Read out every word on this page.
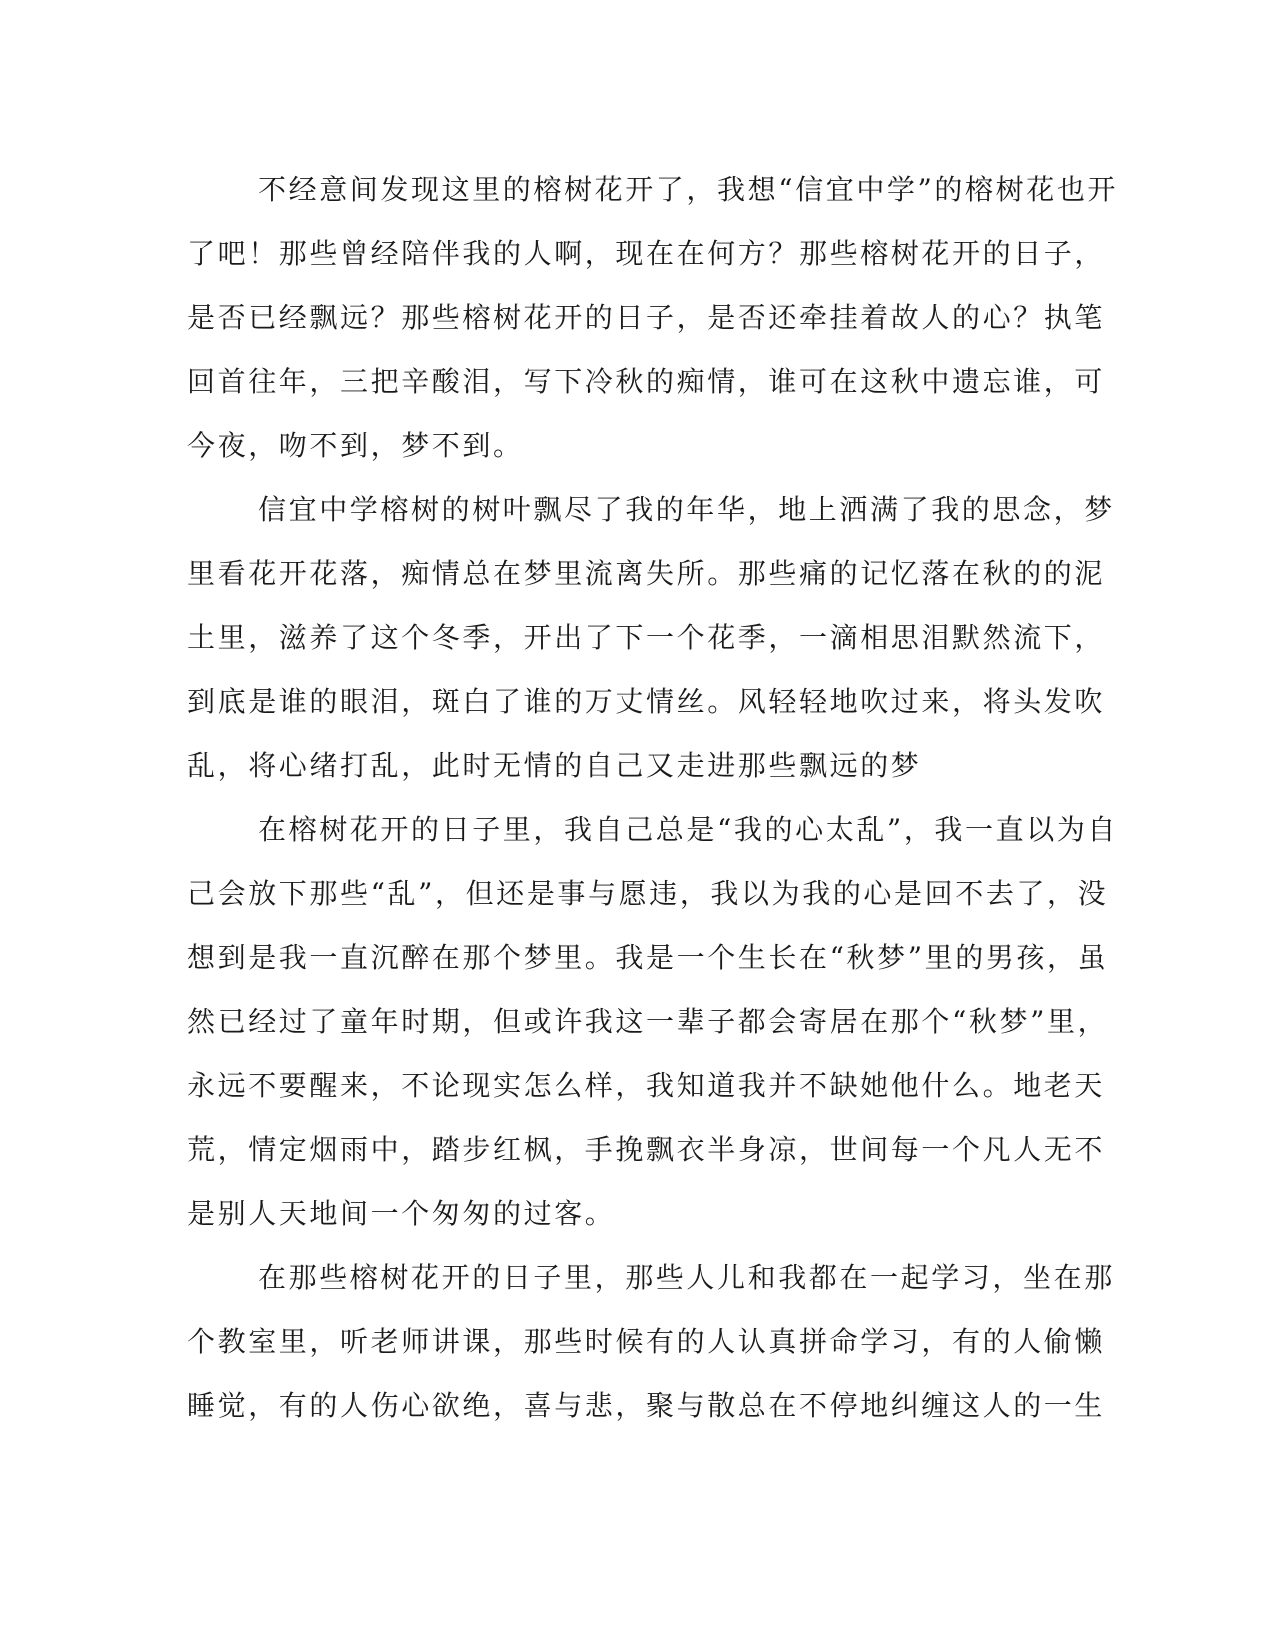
不经意间发现这里的榕树花开了，我想“信宜中学”的榕树花也开
了吧！那些曾经陪伴我的人啊，现在在何方？那些榕树花开的日子，
是否已经飘远？那些榕树花开的日子，是否还牵挂着故人的心？执笔
回首往年，三把辛酸泪，写下冷秋的痴情，谁可在这秋中遗忘谁，可
今夜，吻不到，梦不到。
信宜中学榕树的树叶飘尽了我的年华，地上洒满了我的思念，梦
里看花开花落，痴情总在梦里流离失所。那些痛的记忆落在秋的的泥
土里，滋养了这个冬季，开出了下一个花季，一滴相思泪默然流下，
到底是谁的眼泪，斑白了谁的万丈情丝。风轻轻地吹过来，将头发吹
乱，将心绪打乱，此时无情的自己又走进那些飘远的梦
在榕树花开的日子里，我自己总是“我的心太乱”，我一直以为自
己会放下那些“乱”，但还是事与愿违，我以为我的心是回不去了，没
想到是我一直沉醉在那个梦里。我是一个生长在“秋梦”里的男孩，虽
然已经过了童年时期，但或许我这一辈子都会寄居在那个“秋梦”里，
永远不要醒来，不论现实怎么样，我知道我并不缺她他什么。地老天
荒，情定烟雨中，踏步红枫，手挽飘衣半身凉，世间每一个凡人无不
是别人天地间一个匆匆的过客。
在那些榕树花开的日子里，那些人儿和我都在一起学习，坐在那
个教室里，听老师讲课，那些时候有的人认真拼命学习，有的人偷懒
睡觉，有的人伤心欲绝，喜与悲，聚与散总在不停地纠缠这人的一生
